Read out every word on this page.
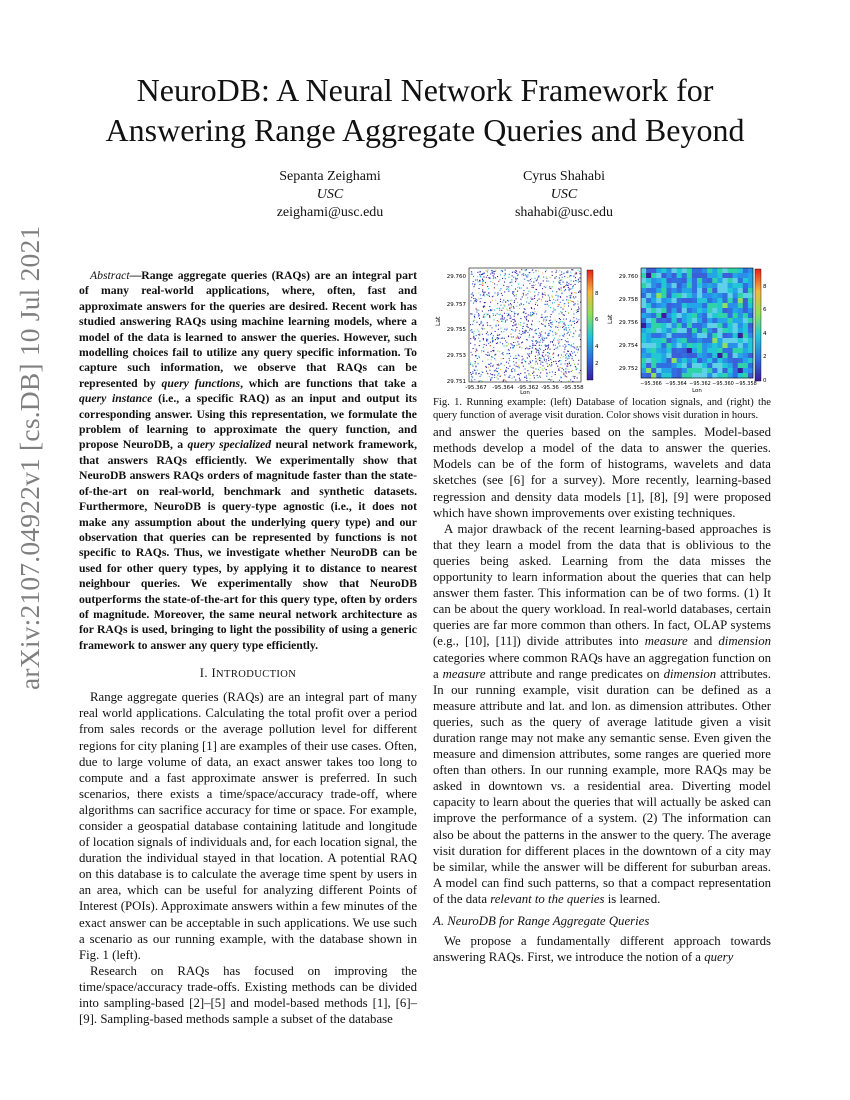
arXiv:2107.04922v1 [cs.DB] 10 Jul 2021
NeuroDB: A Neural Network Framework for
Answering Range Aggregate Queries and Beyond
Sepanta Zeighami
USC
zeighami@usc.edu
Cyrus Shahabi
USC
shahabi@usc.edu

Abstract—Range aggregate queries (RAQs) are an integral part of many real-world applications, where, often, fast and approximate answers for the queries are desired. Recent work has studied answering RAQs using machine learning models, where a model of the data is learned to answer the queries. However, such modelling choices fail to utilize any query specific information. To capture such information, we observe that RAQs can be represented by query functions, which are functions that take a query instance (i.e., a specific RAQ) as an input and output its corresponding answer. Using this representation, we formulate the problem of learning to approximate the query function, and propose NeuroDB, a query specialized neural network framework, that answers RAQs efficiently. We experimentally show that NeuroDB answers RAQs orders of magnitude faster than the state-of-the-art on real-world, benchmark and synthetic datasets. Furthermore, NeuroDB is query-type agnostic (i.e., it does not make any assumption about the underlying query type) and our observation that queries can be represented by functions is not specific to RAQs. Thus, we investigate whether NeuroDB can be used for other query types, by applying it to distance to nearest neighbour queries. We experimentally show that NeuroDB outperforms the state-of-the-art for this query type, often by orders of magnitude. Moreover, the same neural network architecture as for RAQs is used, bringing to light the possibility of using a generic framework to answer any query type efficiently.

I. INTRODUCTION

Range aggregate queries (RAQs) are an integral part of many real world applications. Calculating the total profit over a period from sales records or the average pollution level for different regions for city planing [1] are examples of their use cases. Often, due to large volume of data, an exact answer takes too long to compute and a fast approximate answer is preferred. In such scenarios, there exists a time/space/accuracy trade-off, where algorithms can sacrifice accuracy for time or space. For example, consider a geospatial database containing latitude and longitude of location signals of individuals and, for each location signal, the duration the individual stayed in that location. A potential RAQ on this database is to calculate the average time spent by users in an area, which can be useful for analyzing different Points of Interest (POIs). Approximate answers within a few minutes of the exact answer can be acceptable in such applications. We use such a scenario as our running example, with the database shown in Fig. 1 (left).

Research on RAQs has focused on improving the time/space/accuracy trade-offs. Existing methods can be divided into sampling-based [2]–[5] and model-based methods [1], [6]–[9]. Sampling-based methods sample a subset of the database

Lat
29.760
29.757
29.755
29.753
29.751
-95.367 -95.364 -95.362 -95.36 -95.358
Lon
8
6
4
2
Lat
29.760
29.758
29.756
29.754
29.752
−95.366 −95.364 −95.362 −95.360 −95.358
Lon
8
6
4
2
0
Fig. 1. Running example: (left) Database of location signals, and (right) the query function of average visit duration. Color shows visit duration in hours.

and answer the queries based on the samples. Model-based methods develop a model of the data to answer the queries. Models can be of the form of histograms, wavelets and data sketches (see [6] for a survey). More recently, learning-based regression and density data models [1], [8], [9] were proposed which have shown improvements over existing techniques.

A major drawback of the recent learning-based approaches is that they learn a model from the data that is oblivious to the queries being asked. Learning from the data misses the opportunity to learn information about the queries that can help answer them faster. This information can be of two forms. (1) It can be about the query workload. In real-world databases, certain queries are far more common than others. In fact, OLAP systems (e.g., [10], [11]) divide attributes into measure and dimension categories where common RAQs have an aggregation function on a measure attribute and range predicates on dimension attributes. In our running example, visit duration can be defined as a measure attribute and lat. and lon. as dimension attributes. Other queries, such as the query of average latitude given a visit duration range may not make any semantic sense. Even given the measure and dimension attributes, some ranges are queried more often than others. In our running example, more RAQs may be asked in downtown vs. a residential area. Diverting model capacity to learn about the queries that will actually be asked can improve the performance of a system. (2) The information can also be about the patterns in the answer to the query. The average visit duration for different places in the downtown of a city may be similar, while the answer will be different for suburban areas. A model can find such patterns, so that a compact representation of the data relevant to the queries is learned.

A. NeuroDB for Range Aggregate Queries

We propose a fundamentally different approach towards answering RAQs. First, we introduce the notion of a query
